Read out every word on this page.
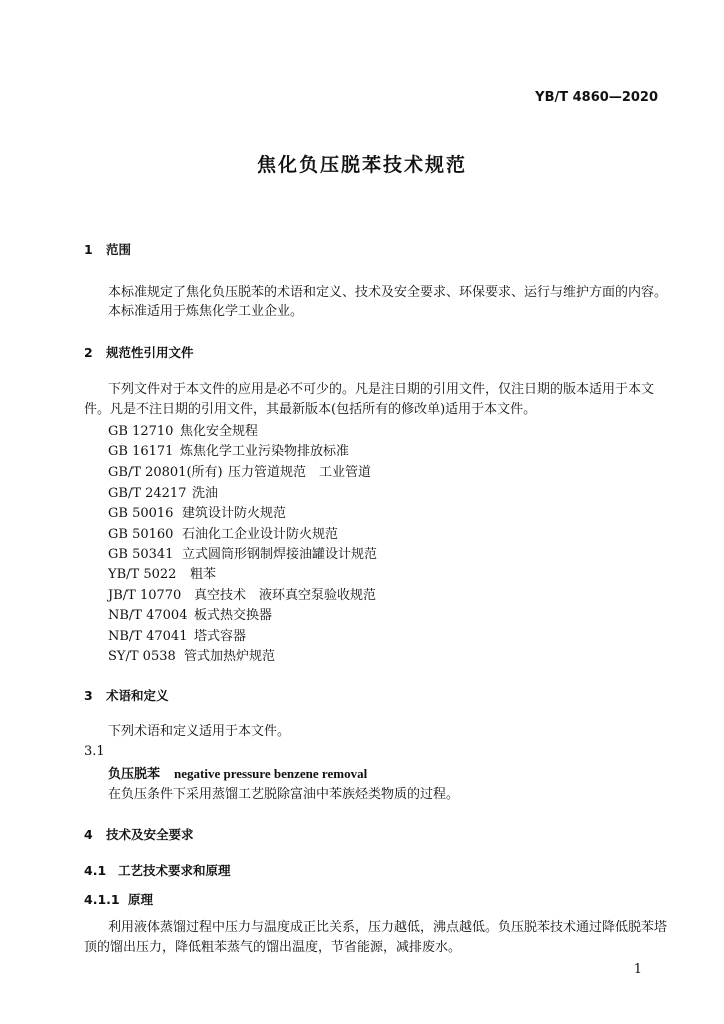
YB/T 4860—2020
焦化负压脱苯技术规范
1 范围
本标准规定了焦化负压脱苯的术语和定义、技术及安全要求、环保要求、运行与维护方面的内容。
本标准适用于炼焦化学工业企业。
2 规范性引用文件
下列文件对于本文件的应用是必不可少的。凡是注日期的引用文件，仅注日期的版本适用于本文
件。凡是不注日期的引用文件，其最新版本(包括所有的修改单)适用于本文件。
GB 12710 焦化安全规程
GB 16171 炼焦化学工业污染物排放标准
GB/T 20801(所有) 压力管道规范　工业管道
GB/T 24217 洗油
GB 50016 建筑设计防火规范
GB 50160 石油化工企业设计防火规范
GB 50341 立式圆筒形钢制焊接油罐设计规范
YB/T 5022 粗苯
JB/T 10770 真空技术　液环真空泵验收规范
NB/T 47004 板式热交换器
NB/T 47041 塔式容器
SY/T 0538 管式加热炉规范
3 术语和定义
下列术语和定义适用于本文件。
3.1
负压脱苯 negative pressure benzene removal
在负压条件下采用蒸馏工艺脱除富油中苯族烃类物质的过程。
4 技术及安全要求
4.1 工艺技术要求和原理
4.1.1 原理
利用液体蒸馏过程中压力与温度成正比关系，压力越低，沸点越低。负压脱苯技术通过降低脱苯塔
顶的馏出压力，降低粗苯蒸气的馏出温度，节省能源，减排废水。
1
